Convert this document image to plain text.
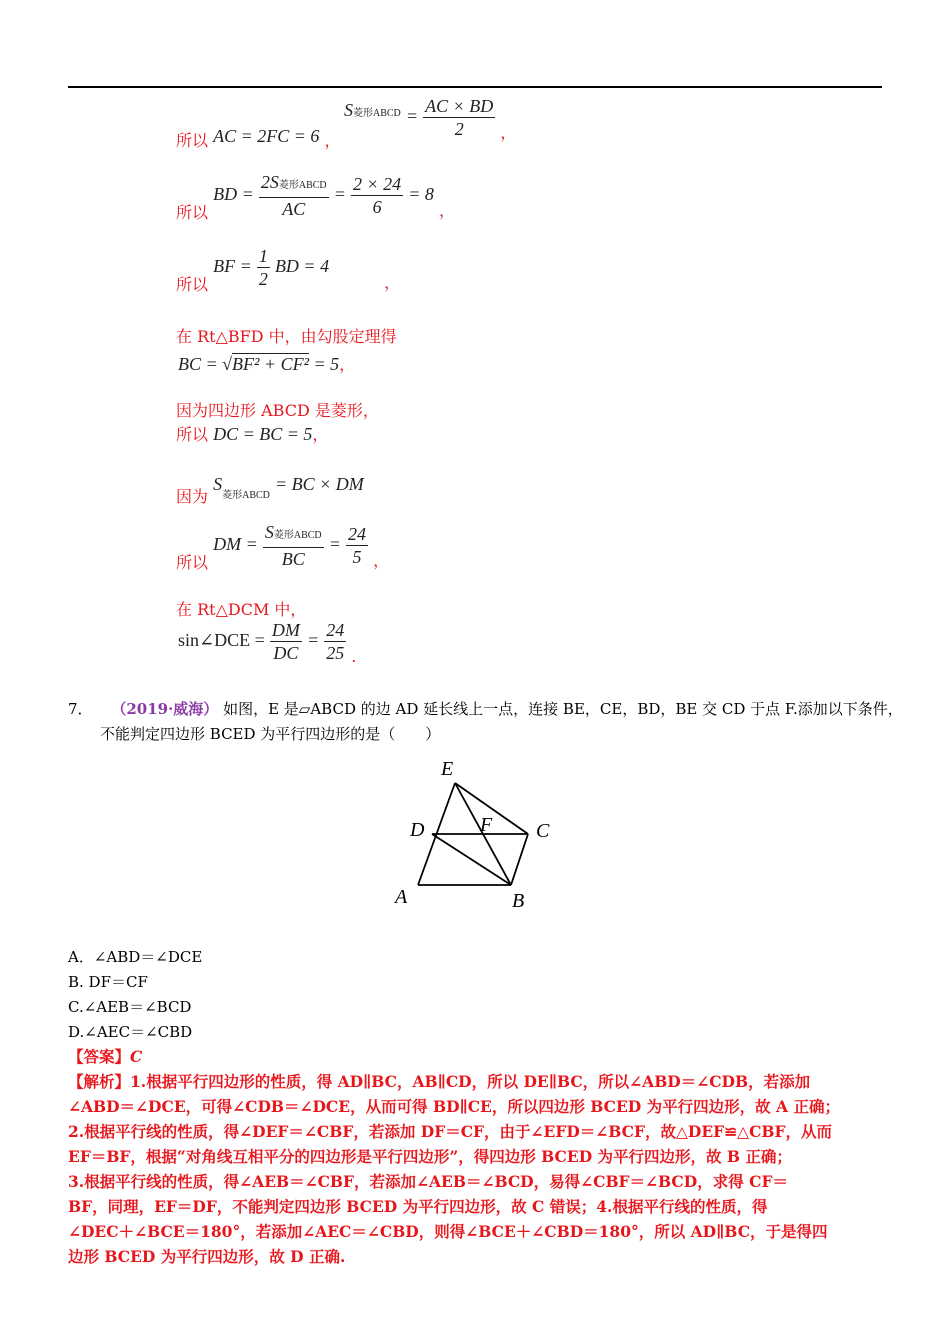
所以 AC = 2FC = 6 ，
S菱形ABCD = $\frac{AC \times BD}{2}$ ，
所以 BD = $\frac{\text{2S菱形ABCD}}{AC} = \frac{2 \times 24}{6} = 8$ ，
所以 BF = $\frac{1}{2}$ BD = 4 ，
在 Rt△BFD 中，由勾股定理得
BC = √BF² + CF² = 5，
因为四边形 ABCD 是菱形，
所以 DC = BC = 5，
因为 $S_{菱形ABCD}$ = BC × DM
所以 DM = $\frac{\text{S菱形ABCD}}{BC} = \frac{24}{5}$ ，
在 Rt△DCM 中，
sin∠DCE = $\frac{DM}{DC} = \frac{24}{25}$ .
7． （2019·威海） 如图，E 是▱ABCD 的边 AD 延长线上一点，连接 BE，CE，BD，BE 交 CD 于点 F.添加以下条件，
不能判定四边形 BCED 为平行四边形的是（　　）
E
D	F C
A	B
A．∠ABD＝∠DCE
B. DF＝CF
C.∠AEB＝∠BCD
D.∠AEC＝∠CBD
【答案】C
【解析】1.根据平行四边形的性质，得 AD∥BC，AB∥CD，所以 DE∥BC，所以∠ABD＝∠CDB，若添加
∠ABD＝∠DCE，可得∠CDB＝∠DCE，从而可得 BD∥CE，所以四边形 BCED 为平行四边形，故 A 正确；
2.根据平行线的性质，得∠DEF＝∠CBF，若添加 DF＝CF，由于∠EFD＝∠BCF，故△DEF≌△CBF，从而
EF＝BF，根据“对角线互相平分的四边形是平行四边形”，得四边形 BCED 为平行四边形，故 B 正确；
3.根据平行线的性质，得∠AEB＝∠CBF，若添加∠AEB＝∠BCD，易得∠CBF＝∠BCD，求得 CF＝
BF，同理，EF＝DF，不能判定四边形 BCED 为平行四边形，故 C 错误；4.根据平行线的性质，得
∠DEC＋∠BCE＝180°，若添加∠AEC＝∠CBD，则得∠BCE＋∠CBD＝180°，所以 AD∥BC，于是得四
边形 BCED 为平行四边形，故 D 正确.
